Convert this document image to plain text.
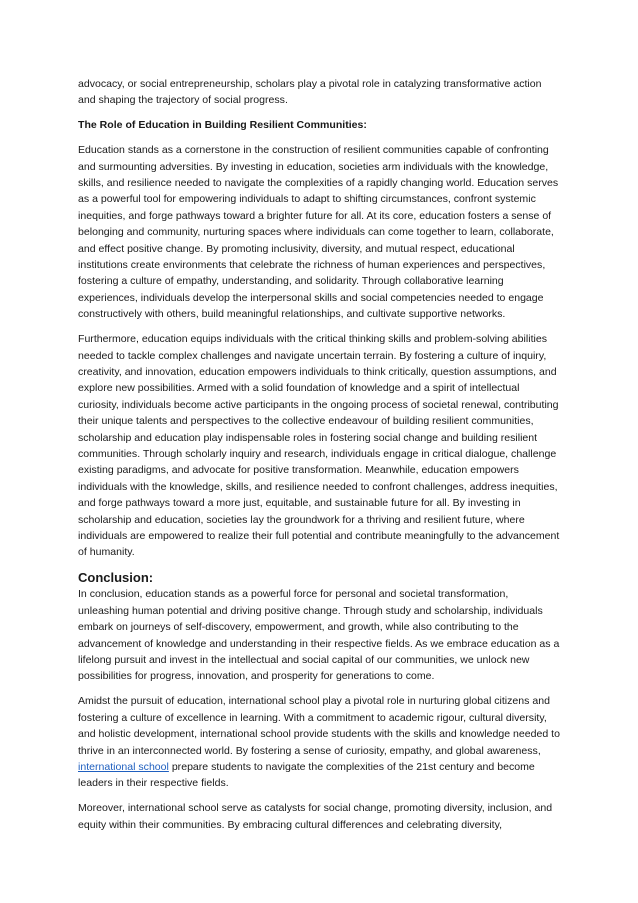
advocacy, or social entrepreneurship, scholars play a pivotal role in catalyzing transformative action and shaping the trajectory of social progress.

The Role of Education in Building Resilient Communities:

Education stands as a cornerstone in the construction of resilient communities capable of confronting and surmounting adversities. By investing in education, societies arm individuals with the knowledge, skills, and resilience needed to navigate the complexities of a rapidly changing world. Education serves as a powerful tool for empowering individuals to adapt to shifting circumstances, confront systemic inequities, and forge pathways toward a brighter future for all. At its core, education fosters a sense of belonging and community, nurturing spaces where individuals can come together to learn, collaborate, and effect positive change. By promoting inclusivity, diversity, and mutual respect, educational institutions create environments that celebrate the richness of human experiences and perspectives, fostering a culture of empathy, understanding, and solidarity. Through collaborative learning experiences, individuals develop the interpersonal skills and social competencies needed to engage constructively with others, build meaningful relationships, and cultivate supportive networks.

Furthermore, education equips individuals with the critical thinking skills and problem-solving abilities needed to tackle complex challenges and navigate uncertain terrain. By fostering a culture of inquiry, creativity, and innovation, education empowers individuals to think critically, question assumptions, and explore new possibilities. Armed with a solid foundation of knowledge and a spirit of intellectual curiosity, individuals become active participants in the ongoing process of societal renewal, contributing their unique talents and perspectives to the collective endeavour of building resilient communities, scholarship and education play indispensable roles in fostering social change and building resilient communities. Through scholarly inquiry and research, individuals engage in critical dialogue, challenge existing paradigms, and advocate for positive transformation. Meanwhile, education empowers individuals with the knowledge, skills, and resilience needed to confront challenges, address inequities, and forge pathways toward a more just, equitable, and sustainable future for all. By investing in scholarship and education, societies lay the groundwork for a thriving and resilient future, where individuals are empowered to realize their full potential and contribute meaningfully to the advancement of humanity.

Conclusion:

In conclusion, education stands as a powerful force for personal and societal transformation, unleashing human potential and driving positive change. Through study and scholarship, individuals embark on journeys of self-discovery, empowerment, and growth, while also contributing to the advancement of knowledge and understanding in their respective fields. As we embrace education as a lifelong pursuit and invest in the intellectual and social capital of our communities, we unlock new possibilities for progress, innovation, and prosperity for generations to come.

Amidst the pursuit of education, international school play a pivotal role in nurturing global citizens and fostering a culture of excellence in learning. With a commitment to academic rigour, cultural diversity, and holistic development, international school provide students with the skills and knowledge needed to thrive in an interconnected world. By fostering a sense of curiosity, empathy, and global awareness, international school prepare students to navigate the complexities of the 21st century and become leaders in their respective fields.

Moreover, international school serve as catalysts for social change, promoting diversity, inclusion, and equity within their communities. By embracing cultural differences and celebrating diversity,
